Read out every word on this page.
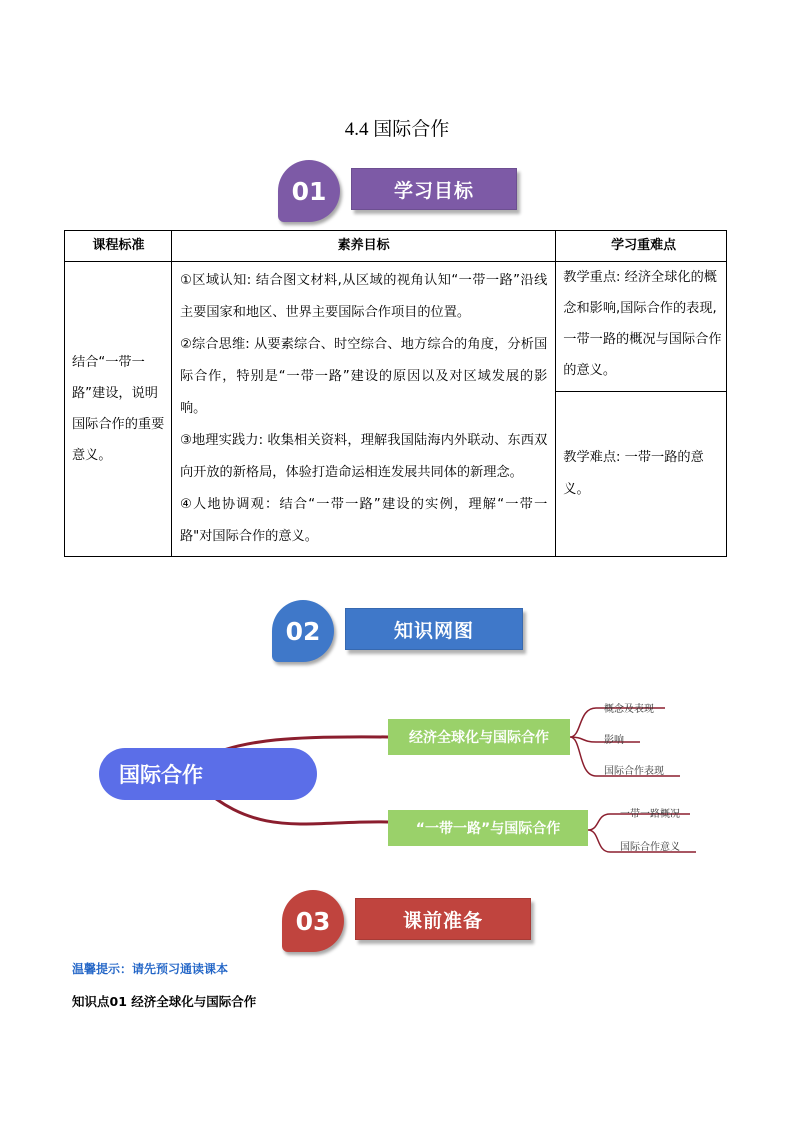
4.4 国际合作
学习目标
01
课程标准	素养目标	学习重难点
结合“一带一路”建设，说明国际合作的重要意义。	①区域认知: 结合图文材料,从区域的视角认知“一带一路”沿线主要国家和地区、世界主要国际合作项目的位置。
②综合思维: 从要素综合、时空综合、地方综合的角度，分析国际合作，特别是“一带一路”建设的原因以及对区域发展的影响。
③地理实践力: 收集相关资料，理解我国陆海内外联动、东西双向开放的新格局，体验打造命运相连发展共同体的新理念。
④人地协调观：结合“一带一路”建设的实例，理解“一带一路"对国际合作的意义。	教学重点: 经济全球化的概念和影响,国际合作的表现,一带一路的概况与国际合作的意义。
		教学难点: 一带一路的意义。
知识网图
02
国际合作
经济全球化与国际合作
“一带一路”与国际合作
概念及表现
影响
国际合作表现
一带一路概况
国际合作意义
课前准备
03
温馨提示：请先预习通读课本
知识点01 经济全球化与国际合作
